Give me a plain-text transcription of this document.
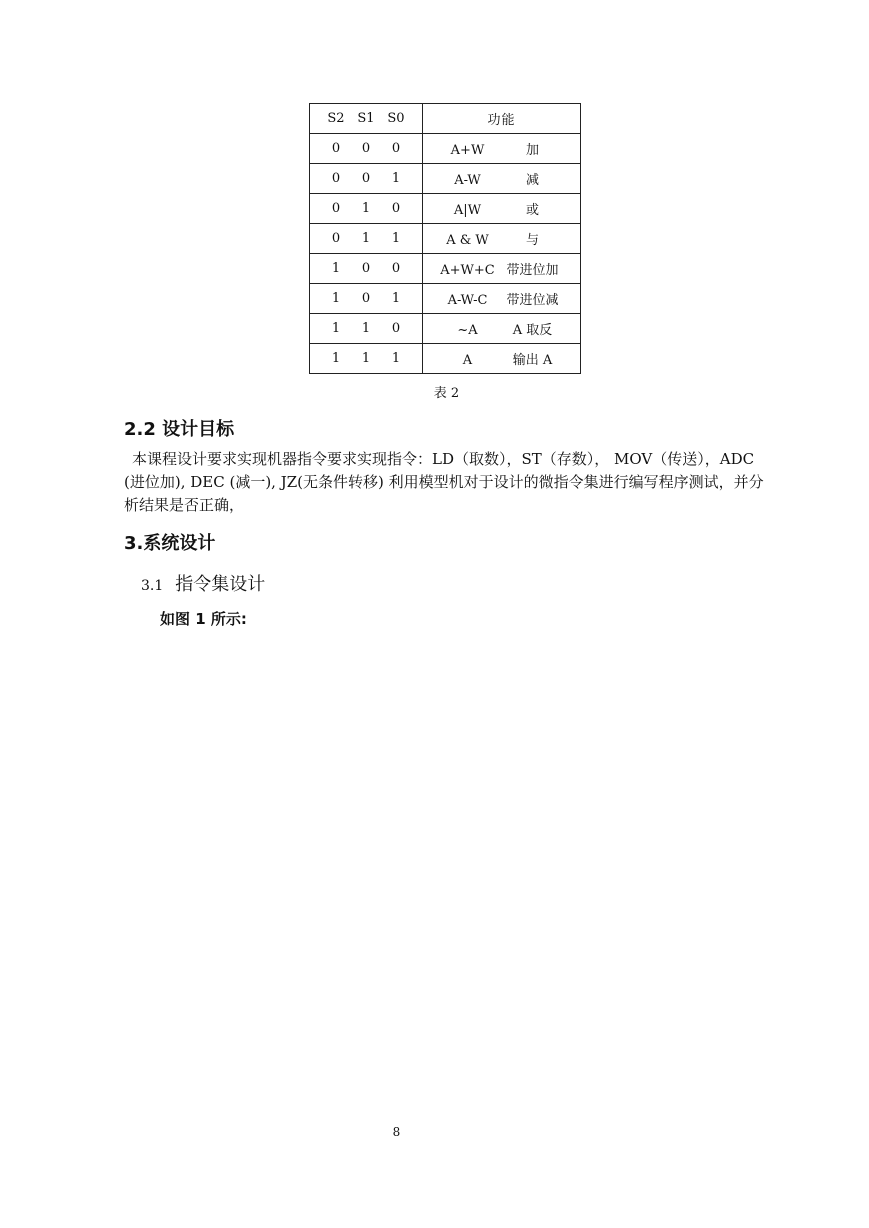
S2 S1 S0	功能
0 0 0	A+W 加
0 0 1	A-W 减
0 1 0	A|W 或
0 1 1	A & W 与
1 0 0	A+W+C 带进位加
1 0 1	A-W-C 带进位减
1 1 0	~A A 取反
1 1 1	A 输出 A
表 2
2.2 设计目标
本课程设计要求实现机器指令要求实现指令：LD（取数），ST（存数）， MOV（传送），ADC (进位加), DEC (减一), JZ(无条件转移) 利用模型机对于设计的微指令集进行编写程序测试，并分析结果是否正确，
3.系统设计
3.1 指令集设计
如图 1 所示:
8
